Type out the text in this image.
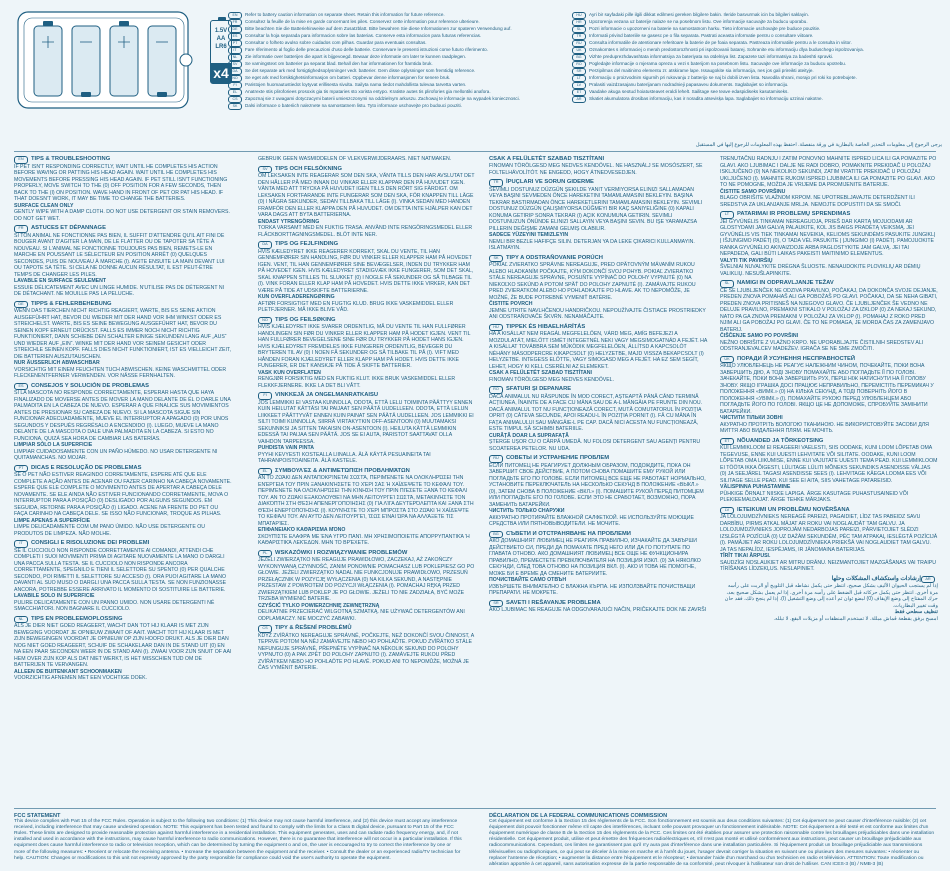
1.5V
AA
LR6
x4
EN	Refer to battery caution information on separate sheet. Retain this information for future reference.
FR	Consultez la feuille de la mise en garde concernant les piles. Conservez cette information pour reference ulterieure.
DE	Bitte beachten Sie die Batteriehinweise auf dem Zusatzblatt. Bitte bewahren Sie diese Informationen zur spateren Verwendung auf.
ES	Consultar la hoja separada para informacion sobre las baterias. Conserve esta informacion para futuras referencias.
PT	Consultar o folheto avulso sobre cuidados com pilhas. Guardar para eventuais consultas.
IT	Fare riferimento al foglio delle precauzioni d'uso delle batterie. Conservare le presenti istruzioni come futuro riferimento.
NL	Zie informatie over batterijen die apart is bijgevoegd. Bewaar deze informatie om later te kunnen raadplegen.
SV	Se varningstext om batterier pa separat blad. Behall den har informationen for framtida bruk.
DA	Se det separate ark med forsigtighedsoplysninger vedr. batterier. Gem disse oplysninger som fremtidig reference.
NO	Se eget ark med forsiktighetsinformasjon om batteri. Oppbevar denne informasjonen for senere bruk.
FI	Paristojen huomautustiedot loytyvat erillisesta sivulta. Sailyta nama tiedot mahdollista tulevaa tarvetta varten.
EL	Anatrexte stis pliroforiees prosoxis gia tis mpataries sto xorista entypo. Kratiste autes tis plirofories gia mellontiki anafora.
CS	Zapoznaj sie z uwagami dotyczacymi baterii umieszczonymi na oddzielnym arkuszu. Zachowaj te informacje na wypadek koniecznosci.
SK	Dalsi informace o bateriich naleznete na samostatnem listu. Tyto informace uschovejte pro budouci pouziti.
HU	Ayri bir sayfadaki pille ilgili dikkat edilmesi gereken bilgilere bakin. Ileride basvurmak icin bu bilgileri saklayin.
HR	Upozorenja vezana uz baterije nalaze se na posebnom listu. Ove informacije sacuvajte za buducu uporabu.
SL	Pozri informacie o upozorneni na baterie na samostatnom harku. Tieto informacie uschovajte pre buduce pouzitie.
TR	Informatii privind bateriile se gasesc pe o fila separata. Pastrati aceasta informatie pentru o consultare viitoare.
RU	Consulta informatiile de atentionare referitoare la baterie de pe foaia separata. Pastreaza informatiile pentru a le consulta in viitor.
UK	Oznakomtes s informaciej o merah predostorozhnosti pri ispolzovanii batarej. Sohranite etu informaciju dlya buduschego ispolzovaniya.
BG	Vizhte preduprezhdavashtata informatsiya za bateriyata na otdelniya list. Zapazete tazi informatsiya za badeshti spravki.
RO	Pogledajte informacije o mjerama opreza u vezi s baterijom na posebnom listu. Sacuvajte ove informacije za buducu upotrebu.
SR	Perzipilmas del maitinimo elementu zr. atskirame lape. Issaugokite sia informacija, nes jos gali prireikti ateityje.
LT	Informaciju o proizvodnim sigurnih pri rukovanju z batterijo se naj bi dobili izven lista. Navodila shrani, morajo pri roki ko potrebujete.
LV	Pralasiti vaizdzasajanu baterijanam nodradnieji papasaveu dokuments. Saglabajiet so informaciju.
ET	Vaadake akuga seotud hoiatusteavet eraldi lehelt. Sailitage see teave edaspidiseks kasutamiseks.
AR	Skatiet akumulatora drosibas informaciju, kas ir noradita atsevisķa lapa. Saglabajiet so informaciju uzzinai nakotne.
يرجى الرجوع إلى معلومات التحذير الخاصة بالبطارية في ورقة منفصلة. احتفظ بهذه المعلومات للرجوع إليها في المستقبل
EN	TIPS & TROUBLESHOOTING
IF PET ISN'T RESPONDING CORRECTLY, WAIT UNTIL HE COMPLETES HIS ACTION BEFORE WAVING OR PATTING HIS HEAD AGAIN. WAIT UNTIL HE COMPLETES HIS MOVEMENTS BEFORE PRESSING HIS HEAD AGAIN. IF PET STILL ISN'T FUNCTIONING PROPERLY, MOVE SWITCH TO THE (0) OFF POSITION FOR A FEW SECONDS, THEN BACK TO THE (I) ON POSITION. WAVE HAND IN FRONT OF PET OR PAT HIS HEAD. IF THAT DOESN'T WORK, IT MAY BE TIME TO CHANGE THE BATTERIES.
SURFACE CLEAN ONLY
GENTLY WIPE WITH A DAMP CLOTH. DO NOT USE DETERGENT OR STAIN REMOVERS. DO NOT GET WET.
FR	ASTUCES ET DÉPANNAGE
SI TON ANIMAL NE FONCTIONNE PAS BIEN, IL SUFFIT D'ATTENDRE QU'IL AIT FINI DE BOUGER AVANT D'AGITER LA MAIN, DE LE FLATTER OU DE TAPOTER SA TÊTE À NOUVEAU. SI L'ANIMAL NE FONCTIONNE TOUJOURS PAS BIEN, REMETS-LE EN MARCHE EN POUSSANT LE SÉLECTEUR EN POSITION ARRÊT (0) QUELQUES SECONDES, PUIS DE NOUVEAU À MARCHE (I). AGITE ENSUITE LA MAIN DEVANT LUI OU TAPOTE SA TÊTE. SI CELA NE DONNE AUCUN RÉSULTAT, IL EST PEUT-ÊTRE TEMPS DE CHANGER LES PILES.
LAVABLE EN SURFACE SEULEMENT
ESSUIE DÉLICATEMENT AVEC UN LINGE HUMIDE. N'UTILISE PAS DE DÉTERGENT NI DE DÉTACHANT. NE MOUILLE PAS LA PELUCHE.
DE	TIPPS & FEHLERBEHEBUNG
WENN DAS TIERCHEN NICHT RICHTIG REAGIERT, WARTE, BIS ES SEINE AKTION AUSGEFÜHRT HAT, BEVOR DU WIEDER MIT DER HAND VOR IHM WINKST ODER ES STREICHELST. WARTE, BIS ES SEINE BEWEGUNG AUSGEFÜHRT HAT, BEVOR DU SEINEN KOPF ERNEUT DRÜCKST. FALLS ES IMMER NOCH NICHT RICHTIG FUNKTIONIERT, DANN SCHIEBE DEN SCHALTER EINIGE SEKUNDEN LANG AUF „AUS“ UND WIEDER AUF „EIN“. WINKE MIT DER HAND VOR SEINEM GESICHT ODER STREICHLE SEINEN KOPF. FALLS DIES NICHT FUNKTIONIERT, IST ES VIELLEICHT ZEIT, DIE BATTERIEN AUSZUTAUSCHEN.
NUR ÄUSSERLICH ABWASCHBAR
VORSICHTIG MIT EINEM FEUCHTEN TUCH ABWISCHEN. KEINE WASCHMITTEL ODER FLECKENENTFERNER VERWENDEN. VOR NÄSSE FERNHALTEN.
ES	CONSEJOS Y SOLUCIÓN DE PROBLEMAS
SI LA MASCOTA NO RESPONDE CORRECTAMENTE, ESPERAR HASTA QUE HAYA FINALIZADO DE MOVERSE ANTES DE MOVER LA MANO DELANTE DE ÉL O DARLE UNA PALMADITA EN LA CABEZA DE NUEVO. ESPERAR A QUE FINALICE SUS MOVIMIENTOS ANTES DE PRESIONAR SU CABEZA DE NUEVO. SI LA MASCOTA SIGUE SIN FUNCIONAR ADECUADAMENTE, MUEVE EL INTERRUPTOR A APAGADO (0) POR UNOS SEGUNDOS Y DESPUÉS REGRÉSALO A ENCENDIDO (I). LUEGO, MUEVE LA MANO DELANTE DE LA MASCOTA O DALE UNA PALMADITA EN LA CABEZA. SI ESTO NO FUNCIONA, QUIZÁ SEA HORA DE CAMBIAR LAS BATERÍAS.
LIMPIAR SÓLO LA SUPERFICIE
LIMPIAR CUIDADOSAMENTE CON UN PAÑO HÚMEDO. NO USAR DETERGENTE NI QUITAMANCHAS. NO MOJAR.
PT	DICAS E RESOLUÇÃO DE PROBLEMAS
SE O PET NÃO ESTIVER REAGINDO CORRETAMENTE, ESPERE ATÉ QUE ELE COMPLETE A AÇÃO ANTES DE ACENAR OU FAZER CARINHO NA CABEÇA NOVAMENTE. ESPERE QUE ELE COMPLETE O MOVIMENTO ANTES DE APERTAR A CABEÇA DELE NOVAMENTE. SE ELE AINDA NÃO ESTIVER FUNCIONANDO CORRETAMENTE, MOVA O INTERRUPTOR PARA A POSIÇÃO (0) DESLIGADO POR ALGUNS SEGUNDOS. EM SEGUIDA, RETORNE PARA A POSIÇÃO (I) LIGADO. ACENE NA FRENTE DO PET OU FAÇA CARINHO NA CABEÇA DELE. SE ISSO NÃO FUNCIONAR, TROQUE AS PILHAS.
LIMPE APENAS A SUPERFÍCIE
LIMPE DELICADAMENTE COM UM PANO ÚMIDO. NÃO USE DETERGENTE OU PRODUTOS DE LIMPEZA. NÃO MOLHE.
IT	CONSIGLI E RISOLUZIONE DEI PROBLEMI
SE IL CUCCIOLO NON RISPONDE CORRETTAMENTE AI COMANDI, ATTENDI CHE COMPLETI I SUOI MOVIMENTI PRIMA DI AGITARE NUOVAMENTE LA MANO O DARGLI UNA PACCA SULLA TESTA. SE IL CUCCIOLO NON RISPONDE ANCORA CORRETTAMENTE, SPEGNILO E TIENI IL SELETTORE SU SPENTO (0) PER QUALCHE SECONDO, POI RIMETTI IL SELETTORE SU ACCESO (I). ORA PUOI AGITARE LA MANO DAVANTI AL SUO MUSO O DARGLI UNA PACCA SULLA TESTA. SE NON FUNZIONASSE ANCORA, POTREBBE ESSERE ARRIVATO IL MOMENTO DI SOSTITUIRE LE BATTERIE.
LAVABILE SOLO IN SUPERFICIE
PULIRE DELICATAMENTE CON UN PANNO UMIDO. NON USARE DETERGENTI NÉ SMACCHIATORI. NON BAGNARE IL CUCCIOLO.
NL	TIPS EN PROBLEEMOPLOSSING
ALS JE DIER NIET GOED REAGEERT, WACHT DAN TOT HIJ KLAAR IS MET ZIJN BEWEGING VOORDAT JE OPNIEUW ZWAAIT OF AAIT. WACHT TOT HIJ KLAAR IS MET ZIJN BEWEGINGEN VOORDAT JE OPNIEUW OP ZIJN HOOFD DRUKT. ALS JE DIER DAN NOG NIET GOED REAGEERT, SCHUIF DE SCHAKELAAR DAN IN DE STAND UIT (0) EN NA EEN PAAR SECONDEN WEER IN DE STAND AAN (I). ZWAAI VOOR ZIJN SNUIT OF AAI HEM OVER ZIJN KOP ALS DAT NIET WERKT, IS HET MISSCHIEN TIJD OM DE BATTERIJEN TE VERVANGEN.
ALLEEN DE BUITENKANT SCHOONMAKEN
VOORZICHTIG AFNEMEN MET EEN VOCHTIGE DOEK.
GEBRUIK GEEN WASMIDDELEN OF VLEKVERWIJDERAARS. NIET NATMAKEN.
SV	TIPS OCH FELSÖKNING
OM LEKSAKEN INTE REAGERAR SOM DEN SKA, VÄNTA TILLS DEN HAR AVSLUTAT DET DEN HÅLLER PÅ MED INNAN DU VINKAR ELLER KLAPPAR DEN PÅ HUVUDET IGEN. VÄNTA MED ATT TRYCKA PÅ HUVUDET IGEN TILLS DEN RÖRT SIG FÄRDIGT. OM LEKSAKEN FORTFARANDE INTE FUNGERAR SOM DEN SKA, FÖR KNAPPEN TILL LÄGE (0) I NÅGRA SEKUNDER, SEDAN TILLBAKA TILL LÄGE (I). VINKA SEDAN MED HANDEN FRAMFÖR DEN ELLER KLAPPA DEN PÅ HUVUDET. OM DETTA INTE HJÄLPER KAN DET VARA DAGS ATT BYTA BATTERIERNA.
ENDAST YTRENGÖRING
TORKA VARSAMT MED EN FUKTIG TRASA. ANVÄND INTE RENGÖRINGSMEDEL ELLER FLÄCKBORTTAGNINGSMEDEL. BLÖT INTE NER.
DA	TIPS OG FEJLFINDING
HVIS KÆLEDYRET IKKE REAGERER KORREKT, SKAL DU VENTE, TIL HAN GENNEMFØRER SIN HANDLING, FØR DU VINKER ELLER KLAPPER HAM PÅ HOVEDET IGEN. VENT, TIL HAN GENNEMFØRER SINE BEVÆGELSER, INDEN DU TRYKKER HAM PÅ HOVEDET IGEN. HVIS KÆLEDYRET STADIGVÆK IKKE FUNGERER, SOM DET SKAL, SKAL KNAPPEN STILLES TIL SLUKKET (0) I NOGLE FÅ SEKUNDER OG SÅ TILBAGE TIL (I). VINK FORAN ELLER KLAP HAM PÅ HOVEDET. HVIS DETTE IKKE VIRKER, KAN DET VÆRE PÅ TIDE AT UDSKIFTE BATTERIERNE.
KUN OVERFLADERENGØRING
AFTØR FORSIGTIGT MED EN FUGTIG KLUD. BRUG IKKE VASKEMIDDEL ELLER PLETFJERNER. MÅ IKKE BLIVE VÅD.
NO	TIPS OG FEILSØKING
HVIS KJÆLEDYRET IKKE SVARER ORDENTLIG, MÅ DU VENTE TIL HAN FULLFØRER HANDLINGEN SIN FØR DU VINKER ELLER KLAPPER HAM PÅ HODET IGJEN. VENT TIL HAN FULLFØRER BEVEGELSENE SINE FØR DU TRYKKER PÅ HODET HANS IGJEN. HVIS KJÆLEDYRET FREMDELES IKKE FUNGERER ORDENTLIG, BEVEGER DU BRYTEREN TIL AV (0) I NOEN FÅ SEKUNDER OG SÅ TILBAKE TIL PÅ (I). VIFT MED HÅNDEN FORAN KJÆLEDYRET ELLER KLAPP HAM PÅ HODET. HVIS DETTE IKKE FUNGERER, ER DET KANSKJE PÅ TIDE Å SKIFTE BATTERIER.
VASK KUN OVERFLATEN
RENGJØR FORSIKTIG MED EN FUKTIG KLUT. IKKE BRUK VASKEMIDDEL ELLER FLEKKFJERNERE. IKKE LA DET BLI VÅTT.
FI	VINKKEJÄ JA ONGELMANRATKAISU
JOS LEMMIKKI EI VASTAA KUNNOLLA, ODOTA, ETTÄ LELU TOIMINTA PÄÄTTYY ENNEN KUIN HEILUTAT KÄTTÄSI TAI PAIJAAT SEN PÄÄTÄ UUDELLEEN. ODOTA, ETTÄ LELUN LIIKKEET PÄÄTTYVÄT ENNEN KUIN PAINAT SEN PÄÄTÄ UUDELLEEN. JOS LEMMIKKI EI SILTI TOIMI KUNNOLLA, SIIRRÄ VIRTAKYTKIN OFF-ASENTOON (0) MUUTAMAKSI SEKUNNIKSI JA SITTEN TAKAISIN ON-ASENTOON (I). HEILUTA KÄTTÄ LEMMIKIN EDESSÄ TAI PAIJAA SEN PÄÄTÄ. JOS SE EI AUTA, PARISTOT SAATTAVAT OLLA VAIHDON TARPEESSA.
PUHDISTA VAIN PINTA
PYYHI KEVYESTI KOSTEALLA LIINALLA. ÄLÄ KÄYTÄ PESUAINEITA TAI TAHRANPOISTOAINEITA. ÄLÄ KASTELE.
EL	ΣΥΜΒΟΥΛΈΣ & ΑΝΤΙΜΕΤΏΠΙΣΗ ΠΡΟΒΛΗΜΆΤΩΝ
ΑΝ ΤΟ ΖΩΆΚΙ ΔΕΝ ΑΝΤΑΠΟΚΡΊΝΕΤΑΙ ΣΩΣΤΆ, ΠΕΡΙΜΈΝΕΤΕ ΝΑ ΟΛΟΚΛΗΡΏΣΕΙ ΤΗΝ ΕΝΈΡΓΕΙΑ ΤΟΥ ΠΡΙΝ ΞΑΝΑΚΙΝΉΣΕΤΕ ΤΟ ΧΈΡΙ ΣΑΣ Ή ΧΑΪΔΈΨΕΤΕ ΤΟ ΚΕΦΆΛΙ ΤΟΥ. ΠΕΡΙΜΈΝΕΤΕ ΝΑ ΟΛΟΚΛΗΡΏΣΕΙ ΤΗΝ ΚΊΝΗΣΗ ΤΟΥ ΠΡΙΝ ΠΙΈΣΕΤΕ ΞΑΝΆ ΤΟ ΚΕΦΆΛΙ ΤΟΥ. ΑΝ ΤΟ ΖΩΆΚΙ ΕΞΑΚΟΛΟΥΘΕΊ ΝΑ ΜΗΝ ΛΕΙΤΟΥΡΓΕΊ ΣΩΣΤΆ, ΜΕΤΑΚΙΝΉΣΤΕ ΤΟΝ ΔΙΑΚΌΠΤΗ ΣΤΗ ΘΈΣΗ ΑΠΕΝΕΡΓΟΠΟΊΗΣΗΣ (0) ΓΙΑ ΛΊΓΑ ΔΕΥΤΕΡΌΛΕΠΤΑ ΚΑΙ ΞΑΝΆ ΣΤΗ ΘΈΣΗ ΕΝΕΡΓΟΠΟΊΗΣΗΣ (I). ΚΟΥΝΉΣΤΕ ΤΟ ΧΈΡΙ ΜΠΡΟΣΤΆ ΣΤΟ ΖΩΆΚΙ Ή ΧΑΪΔΈΨΤΕ ΤΟ ΚΕΦΆΛΙ ΤΟΥ. ΑΝ ΑΥΤΌ ΔΕΝ ΛΕΙΤΟΥΡΓΕΊ, ΊΣΩΣ ΕΊΝΑΙ ΏΡΑ ΝΑ ΑΛΛΆΞΕΤΕ ΤΙΣ ΜΠΑΤΑΡΊΕΣ.
ΕΠΙΦΑΝΕΙΑΚΌ ΚΑΘΆΡΙΣΜΑ ΜΌΝΟ
ΣΚΟΥΠΊΣΤΕ ΕΛΑΦΡΆ ΜΕ ΈΝΑ ΥΓΡΌ ΠΑΝΊ. ΜΗ ΧΡΗΣΙΜΟΠΟΙΕΊΤΕ ΑΠΟΡΡΥΠΑΝΤΙΚΆ Ή ΚΑΘΑΡΙΣΤΙΚΆ ΛΕΚΈΔΩΝ. ΜΗΝ ΤΟ ΒΡΈΧΕΤΕ.
PL	WSKAZÓWKI I ROZWIĄZYWANIE PROBLEMÓW
JEŻELI ZWIERZĄTKO NIE REAGUJE PRAWIDŁOWO, ZACZEKAJ, AŻ ZAKOŃCZY WYKONYWANĄ CZYNNOŚĆ, ZANIM PONOWNIE POMACHASZ LUB POKLEPIESZ GO PO GŁOWIE. JEŻELI ZWIERZĄTKO NADAL NIE FUNKCJONUJE PRAWIDŁOWO, PRZESUŃ PRZEŁĄCZNIK W POZYCJĘ WYŁĄCZENIA (0) NA KILKA SEKUND, A NASTĘPNIE PRZESTAW Z POWROTEM DO POZYCJI WŁĄCZENIA (I). POMACHAJ RĘKĄ PRZED ZWIERZĄTKIEM LUB POKLEP JE PO GŁOWIE. JEŻELI TO NIE ZADZIAŁA, BYĆ MOŻE TRZEBA WYMIENIĆ BATERIE.
CZYŚCIĆ TYLKO POWIERZCHNIĘ ZEWNĘTRZNĄ
DELIKATNIE PRZECIERAĆ WILGOTNĄ SZMATKĄ. NIE UŻYWAĆ DETERGENTÓW ANI ODPLAMIACZY. NIE MOCZYĆ ZABAWKI.
CS	TIPY & ŘEŠENÍ PROBLÉMŮ
KDYŽ ZVÍŘÁTKO NEREAGUJE SPRÁVNĚ, POČKEJTE, NEŽ DOKONČÍ SVOU ČINNOST, A TEPRVE POTOM NA NĚJ ZAMÁVEJTE NEBO HO POHLAĎTE. POKUD ZVÍŘÁTKO STÁLE NEFUNGUJE SPRÁVNĚ, PŘEPNĚTE VYPÍNAČ NA NĚKOLIK SEKUND DO POLOHY VYPNUTO (0) A PAK ZPĚT DO POLOHY ZAPNUTO (I). ZAMÁVEJTE RUKOU PŘED ZVÍŘÁTKEM NEBO HO POHLAĎTE PO HLAVĚ. POKUD ANI TO NEPOMŮŽE, MOŽNÁ JE ČAS VYMĚNIT BATERIE.
CSAK A FELÜLETÉT SZABAD TISZTÍTANI
FINOMAN TÖRÖLGESD MEG NEDVES KENDŐVEL. NE HASZNÁLJ SE MOSÓSZERT, SE FOLTELHÁVOLÍTÓT. NE ENGEDD, HOGY ÁTNEDVESEDJEN.
TR	İPUÇLARI VE SORUN GIDERME
SEVIMLI DOSTUNUZ DÜZGÜN ŞEKILDE YANIT VERMIYORSA ELINIZI SALLAMADAN VEYA BAŞINI SEVMEDEN ÖNCE HAREKETINI TAMAMLAMASINI BEKLEYIN. BAŞINA TEKRAR BASTIRMADAN ÖNCE HAREKETLERINI TAMAMLAMASINI BEKLEYIN. SEVIMLI DOSTUNUZ DÜZGÜN ÇALIŞMIYORSA DÜĞMEYI BIR KAÇ SANIYELIĞINE (0) KAPALI KONUMA GETIRIP SONRA TEKRAR (I) AÇIK KONUMUNA GETIRIN. SEVIMLI DOSTUNUZUN ÖNÜNDE ELINIZI SALLAYIN VEYA BAŞINI SEVIN. BU IŞE YARAMAZSA PILLERIN DEĞIŞME ZAMANI GELMIŞ OLABILIR.
SADECE YÜZEYINI TEMIZLEYIN
NEMLI BIR BEZLE HAFIFÇE SILIN. DETERJAN YA DA LEKE ÇIKARICI KULLANMAYIN. ISLATMAYIN.
SK	TIPY A ODSTRAŇOVANIE PORÚCH
POKIAĽ ZVIERATKO SPRÁVNE NEREAGUJE, PRED OPÄTOVNÝM MÁVANÍM RUKOU ALEBO HLADKANÍM POČKAJTE, KÝM DOKONČÍ SVOJ POHYB. POKIAĽ ZVIERATKO STÁLE NEREAGUJE SPRÁVNE, POSUŇTE VYPÍNAČ DO POLOHY VYPNUTÉ (0) NA NIEKOĽKO SEKÚND A POTOM SPÄŤ DO POLOHY ZAPNUTÉ (I). ZAMÁVAJTE RUKOU PRED ZVIERATKOM ALEBO HO POHLADKAJTE PO HLAVE. AK TO NEPOMÔŽE, JE MOŽNÉ, ŽE BUDE POTREBNÉ VYMENIŤ BATÉRIE.
ČISTITE POVRCH
JEMNE UTRITE NAVLHČENOU HANDRIČKOU. NEPOUŽÍVAJTE ČISTIACE PROSTRIEDKY ANI ODSTRAŇOVAČE ŠKVŔN. NENAMÁČAJTE.
HU	TIPPEK ÉS HIBAELHÁRÍTÁS
HA A KISÁLLAT NEM REAGÁL MEGFELELŐEN, VÁRD MEG, AMÍG BEFEJEZI A MOZDULATÁT, MIELŐTT ISMÉT INTEGETNÉL NEKI VAGY MEGSIMOGATNÁD A FEJÉT. HA A KISÁLLAT TOVÁBBRA SEM MŰKÖDIK MEGFELELŐEN, ÁLLÍTSD A KAPCSOLÓT NÉHÁNY MÁSODPERCRE KIKAPCSOLT (0) HELYZETBE, MAJD VISSZA BEKAPCSOLT (I) HELYZETBE. INTEGESS ELŐTTE, VAGY SIMOGASD MEG A FEJÉT. HA EZ SEM SEGÍT, LEHET, HOGY KI KELL CSERÉLNI AZ ELEMEKET.
CSAK A FELÜLETÉT SZABAD TISZTÍTANI
FINOMAN TÖRÖLGESD MEG NEDVES KENDŐVEL.
RO	SFATURI ȘI DEPANARE
DACĂ ANIMALUL NU RĂSPUNDE ÎN MOD CORECT, AȘTEAPTĂ PÂNĂ CÂND TERMINĂ ACȚIUNEA, ÎNAINTE DE A FACE CU MÂNA SAU DE A-L MÂNGÂIA PE FRUNTE DIN NOU. DACĂ ANIMALUL TOT NU FUNCȚIONEAZĂ CORECT, MUTĂ COMUTATORUL ÎN POZIȚIA OPRIT (0) CÂTEVA SECUNDE, APOI READU-L ÎN POZIȚIA PORNIT (I). FĂ CU MÂNA ÎN FAȚA ANIMALULUI SAU MÂNGÂIE-L PE CAP. DACĂ NICI ACESTA NU FUNCȚIONEAZĂ, ESTE TIMPUL SĂ SCHIMBI BATERIILE.
CURĂȚĂ DOAR LA SUPRAFAȚĂ
ȘTERGE UȘOR CU O CÂRPĂ UMEDĂ. NU FOLOSI DETERGENT SAU AGENȚI PENTRU SCOATEREA PETELOR. NU UDA.
RU	СОВЕТЫ И УСТРАНЕНИЕ ПРОБЛЕМ
ЕСЛИ ПИТОМЕЦ НЕ РЕАГИРУЕТ ДОЛЖНЫМ ОБРАЗОМ, ПОДОЖДИТЕ, ПОКА ОН ЗАВЕРШИТ СВОЕ ДЕЙСТВИЕ, А ПОТОМ СНОВА ПОМАШИТЕ ЕМУ РУКОЙ ИЛИ ПОГЛАДЬТЕ ЕГО ПО ГОЛОВЕ. ЕСЛИ ПИТОМЕЦ ВСЕ ЕЩЕ НЕ РАБОТАЕТ НОРМАЛЬНО, УСТАНОВИТЕ ПЕРЕКЛЮЧАТЕЛЬ НА НЕСКОЛЬКО СЕКУНД В ПОЛОЖЕНИЕ «ВЫКЛ.» (0), ЗАТЕМ СНОВА В ПОЛОЖЕНИЕ «ВКЛ.» (I). ПОМАШИТЕ РУКОЙ ПЕРЕД ПИТОМЦЕМ ИЛИ ПОГЛАДЬТЕ ЕГО ПО ГОЛОВЕ. ЕСЛИ ЭТО НЕ СРАБОТАЕТ, ВОЗМОЖНО, ПОРА ЗАМЕНИТЬ БАТАРЕЙКИ.
ЧИСТИТЬ ТОЛЬКО СНАРУЖИ
АККУРАТНО ПРОТИРАЙТЕ ВЛАЖНОЙ САЛФЕТКОЙ. НЕ ИСПОЛЬЗУЙТЕ МОЮЩИЕ СРЕДСТВА ИЛИ ПЯТНОВЫВОДИТЕЛИ. НЕ МОЧИТЕ.
BG	СЪВЕТИ И ОТСТРАНЯВАНЕ НА ПРОБЛЕМИ
АКО ДОМАШНИЯТ ЛЮБИМЕЦ НЕ РЕАГИРА ПРАВИЛНО, ИЗЧАКАЙТЕ ДА ЗАВЪРШИ ДЕЙСТВИЕТО СИ, ПРЕДИ ДА ПОМАХАТЕ ПРЕД НЕГО ИЛИ ДА ГО ПОТУПАТЕ ПО ГЛАВАТА ОТНОВО. АКО ДОМАШНИЯТ ЛЮБИМЕЦ ВСЕ ОЩЕ НЕ ФУНКЦИОНИРА ПРАВИЛНО, ПРЕМЕСТЕТЕ ПРЕВКЛЮЧВАТЕЛЯ НА ПОЗИЦИЯ ИЗКЛ. (0) ЗА НЯКОЛКО СЕКУНДИ, СЛЕД ТОВА ОТНОВО НА ПОЗИЦИЯ ВКЛ. (I). АКО И ТОВА НЕ ПОМОГНЕ, МОЖЕ БИ Е ВРЕМЕ ДА СМЕНИТЕ БАТЕРИИТЕ.
ПОЧИСТВАЙТЕ САМО ОТВЪН
ИЗБЪРШЕТЕ ВНИМАТЕЛНО С ВЛАЖНА КЪРПА. НЕ ИЗПОЛЗВАЙТЕ ПОЧИСТВАЩИ ПРЕПАРАТИ. НЕ МОКРЕТЕ.
SR	SAVETI I REŠAVANJE PROBLEMA
AKO LJUBIMAC NE REAGUJE NA ODGOVARAJUĆI NAČIN, PRIČEKAJTE DOK NE ZAVRŠI
TRENUTAČNU RADNJU I ZATIM PONOVNO MAHNITE ISPRED LICA ILI GA POMAZITE PO GLAVI. AKO LJUBIMAC I DALJE NE RADI DOBRO, POMAKNITE PREKIDAČ U POLOŽAJ ISKLJUČENO (0) NA NEKOLIKO SEKUNDI, ZATIM VRATITE PREKIDAČ U POLOŽAJ UKLJUČENO (I). MAHNITE RUKOM ISPRED LJUBIMCA ILI GA POMAZITE PO GLAVI. AKO TO NE POMOGNE, MOŽDA JE VRIJEME DA PROMIJENITE BATERIJE.
ČISTITE SAMO POVRŠINU
BLAGO OBRIŠITE VLAŽNOM KRPOM. NE UPOTREBLJAVAJTE DETERDŽENT ILI SREDSTVA ZA UKLANJANJE MRLJA. NEMOJTE DOPUSTITI DA SE SMOČI.
LT	PATARIMAI IR PROBLEMŲ SPRENDIMAS
JEI GYVŪNĖLIS TINKAMAI NEREAGUOJA, PRIEŠ DAR KARTĄ MOJUODAMI AR GLOSTYDAMI JAM GALVĄ PALAUKITE, KOL JIS BAIGS PRADĖTĄ VEIKSMĄ. JEI GYVŪNĖLIS VIS TIEK TINKAMAI NEVEIKIA, KELIOMS SEKUNDĖMS PASUKITE JUNGIKLĮ Į IŠJUNGIMO PADĖTĮ (0), O TADA VĖL PASUKITE Į ĮJUNGIMO (I) PADĖTĮ. PAMOJUOKITE RANKA GYVŪNĖLIO AKIVAIZDOJE ARBA PAGLOSTYKITE JAM GALVĄ. JEI TAI NEPADEDA, GALI BŪTI LAIKAS PAKEISTI MAITINIMO ELEMENTUS.
VALYTI TIK PAVIRŠIŲ
ŠVELNIAI NUVALYKITE DRĖGNA ŠLUOSTE. NENAUDOKITE PLOVIKLIŲ AR DĖMIŲ VALIKLIŲ. NESUŠLAPINKITE.
SL	NAMIGI IN ODPRAVLJANJE TEŽAV
ČE SE LJUBLJENČEK NE ODZIVA PRAVILNO, POČAKAJ, DA DOKONČA SVOJE DEJANJE, PREDEN ZNOVA POMAHAŠ ALI GA POBOŽAŠ PO GLAVI. POČAKAJ, DA SE NEHA GIBATI, PREDEN ZNOVA PRITISNEŠ NA NJEGOVO GLAVO. ČE LJUBLJENČEK ŠE VEDNO NE DELUJE PRAVILNO, PREMAKNI STIKALO V POLOŽAJ ZA IZKLOP (0) ZA NEKAJ SEKUND, NATO PA GA ZNOVA PREMAKNI V POLOŽAJ ZA VKLOP (I). POMAHAJ Z ROKO PRED NJIM ALI GA POBOŽAJ PO GLAVI. ČE TO NE POMAGA, JE MORDA ČAS ZA ZAMENJAVO BATERIJ.
ČIŠČENJE SAMO PO POVRŠINI
NEŽNO OBRIŠITE Z VLAŽNO KRPO. NE UPORABLJAJTE ČISTILNIH SREDSTEV ALI ODSTRANJEVALCEV MADEŽEV. IGRAČA SE NE SME ZMOČITI.
UK	ПОРАДИ Й УСУНЕННЯ НЕСПРАВНОСТЕЙ
ЯКЩО УЛЮБЛЕНЕЦЬ НЕ РЕАГУЄ НАЛЕЖНИМ ЧИНОМ, ПОЧЕКАЙТЕ, ПОКИ ВОНА ЗАВЕРШИТЬ ДІЮ, А ТОДІ ЗНОВУ ПОМАХАЙТЕ АБО ПОГЛАДЬТЕ ЇЇ ПО ГОЛОВІ. ЗАЧЕКАЙТЕ, ПОКИ ВОНА ЗАВЕРШИТЬ РУХ, ПЕРШ НІЖ НАТИСНУТИ НА ЇЇ ГОЛОВУ ЗНОВУ. ЯКЩО ІГРАШКА ДОСІ ПРАЦЮЄ НЕПРАВИЛЬНО, ПЕРЕМІСТІТЬ ПЕРЕМИКАЧ У ПОЛОЖЕННЯ «ВИМК.» (0) НА КІЛЬКА СЕКУНД, А ТОДІ ПОВЕРНІТЬ ЙОГО В ПОЛОЖЕННЯ «УВІМК.» (I). ПОМАХАЙТЕ РУКОЮ ПЕРЕД УЛЮБЛЕНЦЕМ АБО ПОГЛАДЬТЕ ЙОГО ПО ГОЛОВІ. ЯКЩО ЦЕ НЕ ДОПОМОЖЕ, СПРОБУЙТЕ ЗАМІНИТИ БАТАРЕЙКИ.
ЧИСТИТИ ТІЛЬКИ ЗОВНІ
АКУРАТНО ПРОТРІТЬ ВОЛОГОЮ ТКАНИНОЮ. НЕ ВИКОРИСТОВУЙТЕ ЗАСОБИ ДЛЯ МИТТЯ АБО ВИДАЛЕННЯ ПЛЯМ. НЕ МОЧІТЬ.
ET	NÕUANDED JA TÕRKEOTSING
KUI LEMMIKLOOM EI REAGEERI VAELESTI, SIIS OODAKE, KUNI LOOM LÕPETAB OMA TEGEVUSE, ENNE KUI UUESTI LEHVITATE VÕI SILITATE. OODAKE, KUNI LOOM LÕPETAB OMA LIIKUMISE, ENNE KUI VAJUTATE UUESTI TEMA PEAD. KUI LEMMIKLOOM EI TÖÖTA IKKA ÕIGESTI, LÜLITAGE LÜLITI MÕNEKS SEKUNDIKS ASENDISSE VÄLJAS (0) JA SEEJÄREL TAGASI ASENDISSE SEES (I). LEHVITAGE KÄEGA LOOMA EES VÕI SILITAGE SELLE PEAD. KUI SEE EI AITA, SIIS VAHETAGE PATAREISID.
VÄLISPINNA PUHASTAMINE
PÜHKIGE ÕRNALT NIISKE LAPIGA. ÄRGE KASUTAGE PUHASTUSAINEID VÕI PLEKIEEMALDAJAT. ÄRGE TEHKE MÄRJAKS.
LV	IETEIKUMI UN PROBLĒMU NOVĒRŠANA
JA LOLOJUMDZĪVNIEKS NEREAGĒ PAREIZI, PAGAIDIET, LĪDZ TAS PABEIDZ SAVU DARBĪBU, PIRMS ATKAL MĀJAT AR ROKU VAI NOGLAUDĀT TAM GALVU. JA LOLOJUMDZĪVNIEKS JOPROJĀM NEDARBOJAS PAREIZI, PĀRVIETOJIET SLĒDZI IZSLĒGTĀ POZĪCIJĀ (0) UZ DAŽĀM SEKUNDĒM, PĒC TAM ATPAKAĻ IESLĒGTĀ POZĪCIJĀ (I). PAMĀJIET AR ROKU LOLOJUMDZĪVNIEKA PRIEKŠĀ VAI NOGLAUDIET TAM GALVU. JA TAS NEPALĪDZ, IESPĒJAMS, IR JĀNOMAINA BATERIJAS.
TĪRĪT TIKAI ĀRPUSI.
SAUDZĪGI NOSLAUKIET AR MITRU DRĀNU. NEIZMANTOJIET MAZGĀŠANAS VAI TRAIPU TĪRĪŠANAS LĪDZEKĻUS. NESLAPINIET.
AR
إرشادات واستكشاف المشكلات وحلها
إذا لم يستجب الحيوان الأليف بشكل صحيح، انتظر حتى يكمل نشاطه قبل التلويح أو الربت على رأسه مرة أخرى. انتظر حتى يكمل حركاته قبل الضغط على رأسه مرة أخرى. إذا لم يعمل بشكل صحيح بعد، حرك المفتاح إلى وضع الإيقاف (0) لبضع ثوان ثم أعده إلى وضع التشغيل (I). إذا لم ينجح ذلك، فقد حان وقت تغيير البطاريات.
تنظيف سطحي فقط
امسح برفق بقطعة قماش مبللة. لا تستخدم المنظفات أو مزيلات البقع. لا تبلله.
FCC STATEMENT
This device complies with Part 15 of the FCC Rules. Operation is subject to the following two conditions: (1) This device may not cause harmful interference, and (2) this device must accept any interference received, including interference that may cause undesired operation. NOTE: This equipment has been tested and found to comply with the limits for a Class B digital device, pursuant to Part 15 of the FCC Rules. These limits are designed to provide reasonable protection against harmful interference in a residential installation. This equipment generates, uses and can radiate radio frequency energy, and, if not installed and used in accordance with the instructions, may cause harmful interference to radio communications. However, there is no guarantee that interference will not occur in a particular installation. If this equipment does cause harmful interference to radio or television reception, which can be determined by turning the equipment o and on, the user is encouraged to try to correct the interference by one or more of the following measures: • Reorient or relocate the receiving antenna. • Increase the separation between the equipment and the receiver. • Consult the dealer or an experienced radio/TV technician for help. CAUTION: Changes or modifications to this unit not expressly approved by the party responsible for compliance could void the user's authority to operate the equipment.
DÉCLARATION DE LA FEDERAL COMMUNICATIONS COMMISSION
Cet équipement est conforme à la Section 15 des règlements de la FCC. Son fonctionnement est soumis aux deux conditions suivantes: (1) Cet équipement ne peut causer d'interférence nuisible; (2) cet équipement doit pouvoir fonctionner même s'il capte des interférences, incluant celle pouvant provoquer un fonctionnement indésirable. NOTE: Cet équipement a été testé et est conforme aux limites d'un équipement numérique de classe B de la Section 15 des règlements de la FCC. Ces limites ont été établies pour assurer une protection raisonnable contre les brouillages préjudiciables dans une installation résidentielle. Cet équipement produit, utilise et peut émettre des fréquences radioélectriques et, s'il n'est pas monté et utilisé conformément aux instructions, peut causer un brouillage préjudiciable aux radiocommunications. Cependant, ces limites ne garantissent pas qu'il n'y aura pas d'interférence dans une installation particulière. Si l'équipement produit un brouillage préjudiciable aux transmissions télévisuelles ou radiophoniques, ce qui peut se déceler à la mise en marche et à l'arrêt du jouet, l'usager devrait corriger la situation en suivant une ou plusieurs des mesures suivantes: • réorienter ou replacer l'antenne de réception; • augmenter la distance entre l'équipement et le récepteur; • demander l'aide d'un marchand ou d'un technicien en radio et télévision. ATTENTION: Toute modification ou altération apportée à cet appareil, sans autorisation expresse de la partie responsable de sa conformité, peut révoquer à l'utilisateur son droit de l'utiliser. CAN ICES-3 (B) / NMB-3 (B)
